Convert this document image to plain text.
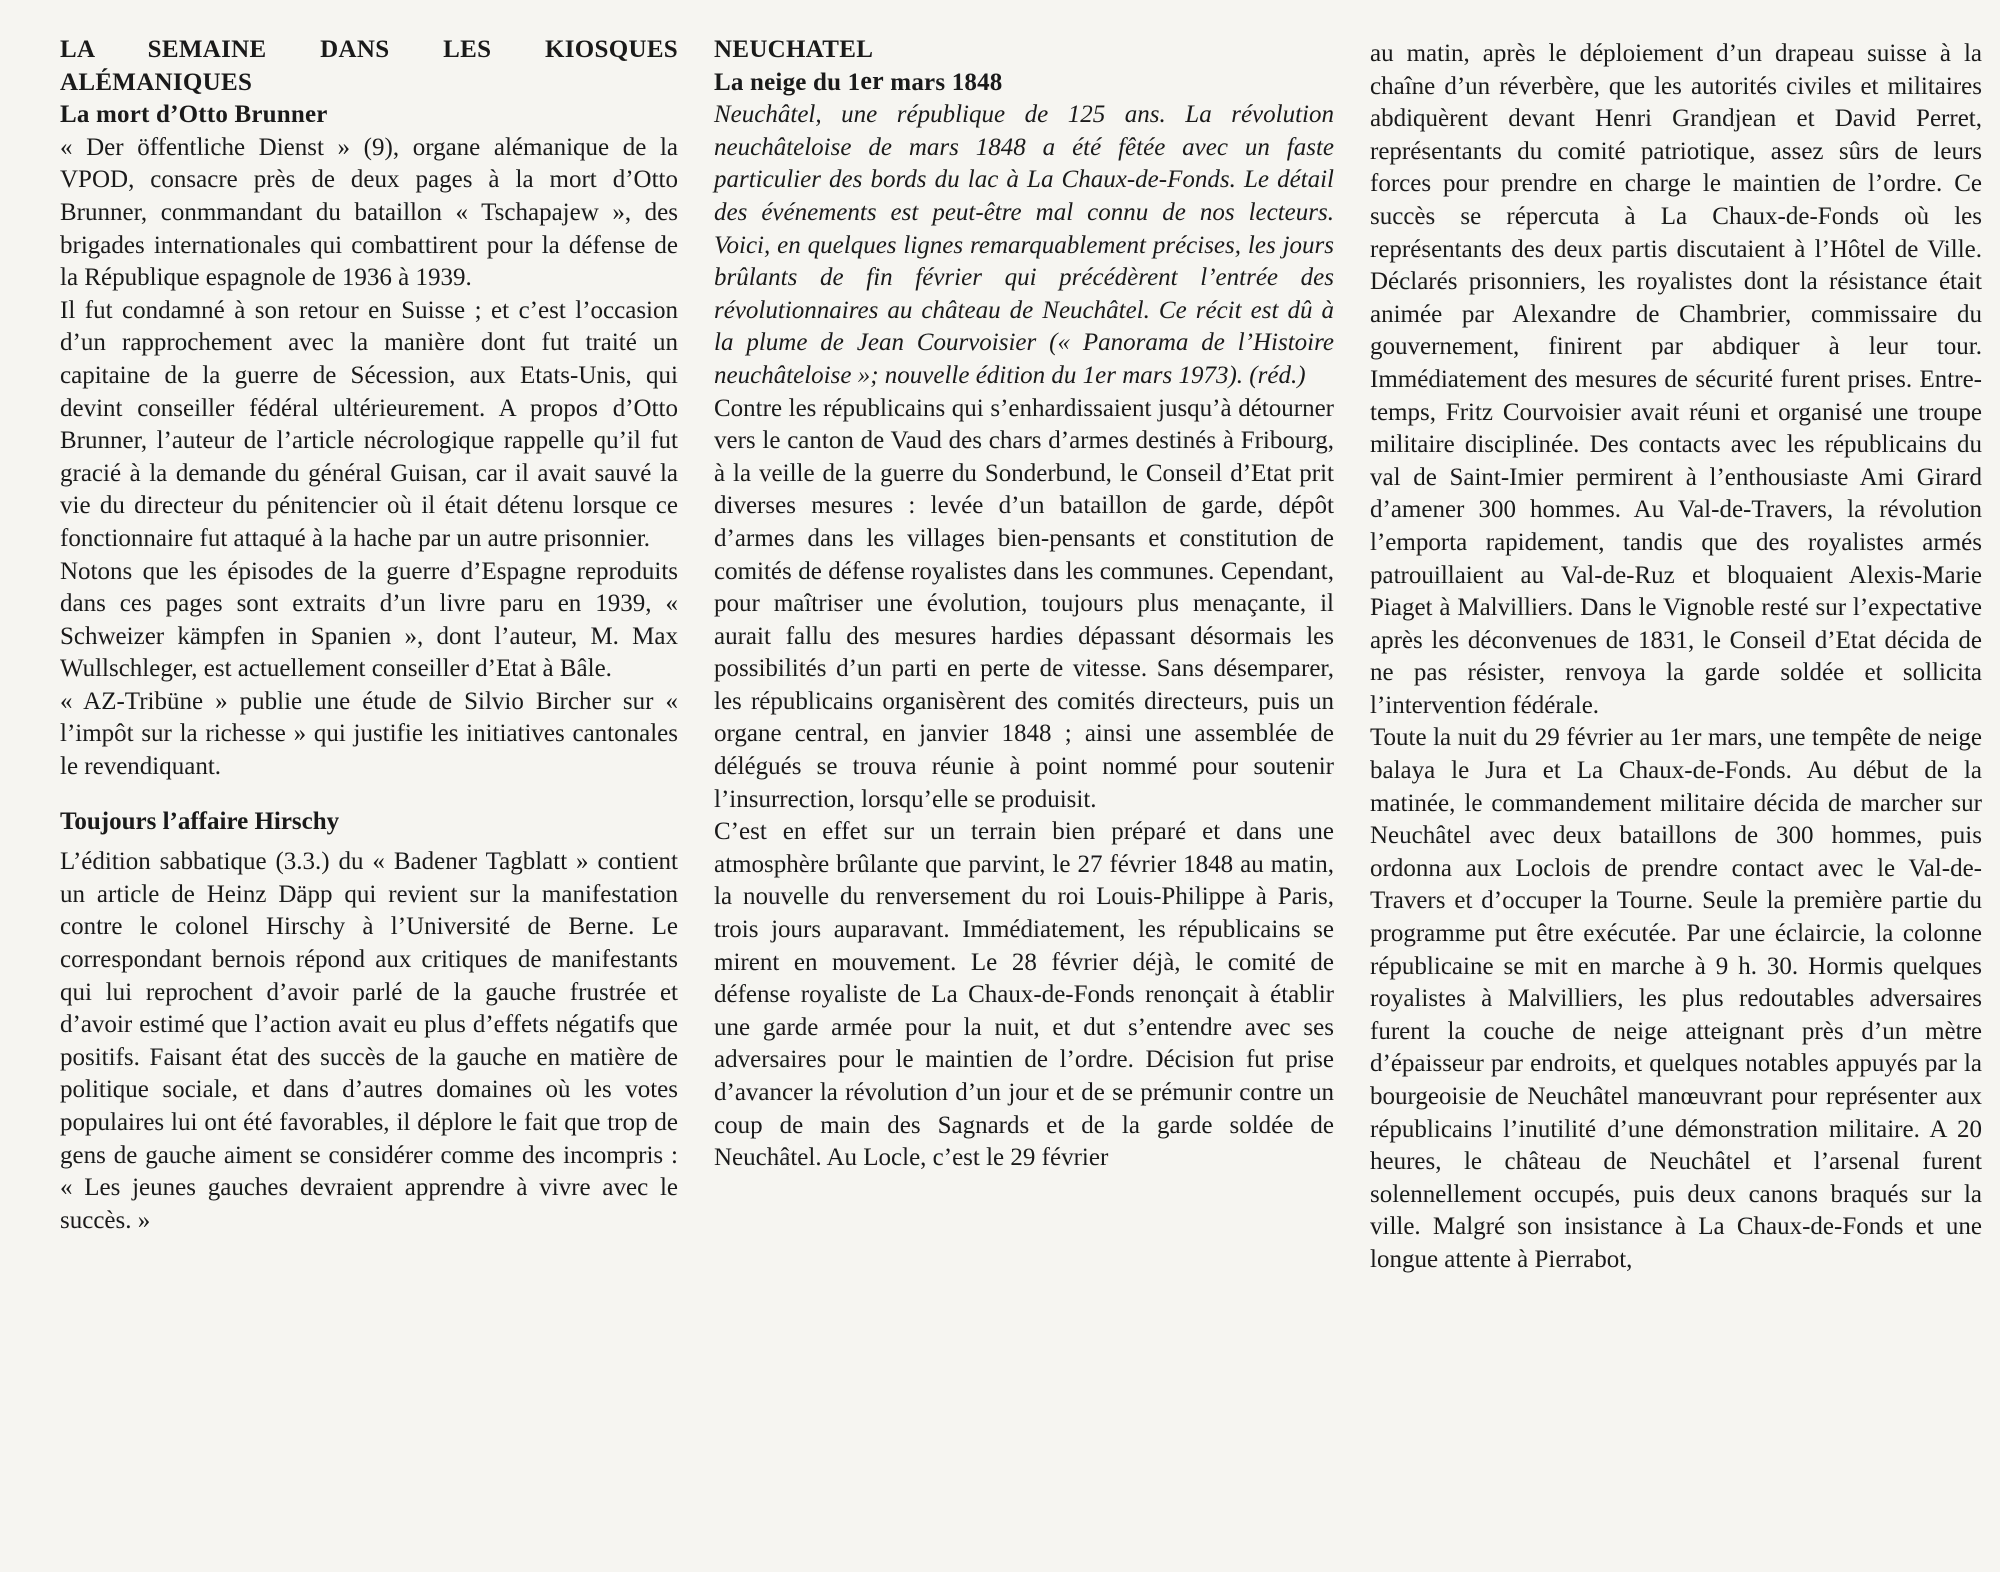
LA SEMAINE DANS LES KIOSQUES ALÉMANIQUES
La mort d’Otto Brunner

« Der öffentliche Dienst » (9), organe alémanique de la VPOD, consacre près de deux pages à la mort d’Otto Brunner, conmmandant du bataillon « Tschapajew », des brigades internationales qui combattirent pour la défense de la République espagnole de 1936 à 1939.

Il fut condamné à son retour en Suisse ; et c’est l’occasion d’un rapprochement avec la manière dont fut traité un capitaine de la guerre de Sécession, aux Etats-Unis, qui devint conseiller fédéral ultérieurement. A propos d’Otto Brunner, l’auteur de l’article nécrologique rappelle qu’il fut gracié à la demande du général Guisan, car il avait sauvé la vie du directeur du pénitencier où il était détenu lorsque ce fonctionnaire fut attaqué à la hache par un autre prisonnier.

Notons que les épisodes de la guerre d’Espagne reproduits dans ces pages sont extraits d’un livre paru en 1939, « Schweizer kämpfen in Spanien », dont l’auteur, M. Max Wullschleger, est actuellement conseiller d’Etat à Bâle.

« AZ-Tribüne » publie une étude de Silvio Bircher sur « l’impôt sur la richesse » qui justifie les initiatives cantonales le revendiquant.

Toujours l’affaire Hirschy

L’édition sabbatique (3.3.) du « Badener Tagblatt » contient un article de Heinz Däpp qui revient sur la manifestation contre le colonel Hirschy à l’Université de Berne. Le correspondant bernois répond aux critiques de manifestants qui lui reprochent d’avoir parlé de la gauche frustrée et d’avoir estimé que l’action avait eu plus d’effets négatifs que positifs. Faisant état des succès de la gauche en matière de politique sociale, et dans d’autres domaines où les votes populaires lui ont été favorables, il déplore le fait que trop de gens de gauche aiment se considérer comme des incompris : « Les jeunes gauches devraient apprendre à vivre avec le succès. »

NEUCHATEL
La neige du 1er mars 1848

Neuchâtel, une république de 125 ans. La révolution neuchâteloise de mars 1848 a été fêtée avec un faste particulier des bords du lac à La Chaux-de-Fonds. Le détail des événements est peut-être mal connu de nos lecteurs. Voici, en quelques lignes remarquablement précises, les jours brûlants de fin février qui précédèrent l’entrée des révolutionnaires au château de Neuchâtel. Ce récit est dû à la plume de Jean Courvoisier (« Panorama de l’Histoire neuchâteloise »; nouvelle édition du 1er mars 1973). (réd.)

Contre les républicains qui s’enhardissaient jusqu’à détourner vers le canton de Vaud des chars d’armes destinés à Fribourg, à la veille de la guerre du Sonderbund, le Conseil d’Etat prit diverses mesures : levée d’un bataillon de garde, dépôt d’armes dans les villages bien-pensants et constitution de comités de défense royalistes dans les communes. Cependant, pour maîtriser une évolution, toujours plus menaçante, il aurait fallu des mesures hardies dépassant désormais les possibilités d’un parti en perte de vitesse. Sans désemparer, les républicains organisèrent des comités directeurs, puis un organe central, en janvier 1848 ; ainsi une assemblée de délégués se trouva réunie à point nommé pour soutenir l’insurrection, lorsqu’elle se produisit.

C’est en effet sur un terrain bien préparé et dans une atmosphère brûlante que parvint, le 27 février 1848 au matin, la nouvelle du renversement du roi Louis-Philippe à Paris, trois jours auparavant. Immédiatement, les républicains se mirent en mouvement. Le 28 février déjà, le comité de défense royaliste de La Chaux-de-Fonds renonçait à établir une garde armée pour la nuit, et dut s’entendre avec ses adversaires pour le maintien de l’ordre. Décision fut prise d’avancer la révolution d’un jour et de se prémunir contre un coup de main des Sagnards et de la garde soldée de Neuchâtel. Au Locle, c’est le 29 février

au matin, après le déploiement d’un drapeau suisse à la chaîne d’un réverbère, que les autorités civiles et militaires abdiquèrent devant Henri Grandjean et David Perret, représentants du comité patriotique, assez sûrs de leurs forces pour prendre en charge le maintien de l’ordre. Ce succès se répercuta à La Chaux-de-Fonds où les représentants des deux partis discutaient à l’Hôtel de Ville. Déclarés prisonniers, les royalistes dont la résistance était animée par Alexandre de Chambrier, commissaire du gouvernement, finirent par abdiquer à leur tour. Immédiatement des mesures de sécurité furent prises. Entre-temps, Fritz Courvoisier avait réuni et organisé une troupe militaire disciplinée. Des contacts avec les républicains du val de Saint-Imier permirent à l’enthousiaste Ami Girard d’amener 300 hommes. Au Val-de-Travers, la révolution l’emporta rapidement, tandis que des royalistes armés patrouillaient au Val-de-Ruz et bloquaient Alexis-Marie Piaget à Malvilliers. Dans le Vignoble resté sur l’expectative après les déconvenues de 1831, le Conseil d’Etat décida de ne pas résister, renvoya la garde soldée et sollicita l’intervention fédérale.

Toute la nuit du 29 février au 1er mars, une tempête de neige balaya le Jura et La Chaux-de-Fonds. Au début de la matinée, le commandement militaire décida de marcher sur Neuchâtel avec deux bataillons de 300 hommes, puis ordonna aux Loclois de prendre contact avec le Val-de-Travers et d’occuper la Tourne. Seule la première partie du programme put être exécutée. Par une éclaircie, la colonne républicaine se mit en marche à 9 h. 30. Hormis quelques royalistes à Malvilliers, les plus redoutables adversaires furent la couche de neige atteignant près d’un mètre d’épaisseur par endroits, et quelques notables appuyés par la bourgeoisie de Neuchâtel manœuvrant pour représenter aux républicains l’inutilité d’une démonstration militaire. A 20 heures, le château de Neuchâtel et l’arsenal furent solennellement occupés, puis deux canons braqués sur la ville. Malgré son insistance à La Chaux-de-Fonds et une longue attente à Pierrabot,
